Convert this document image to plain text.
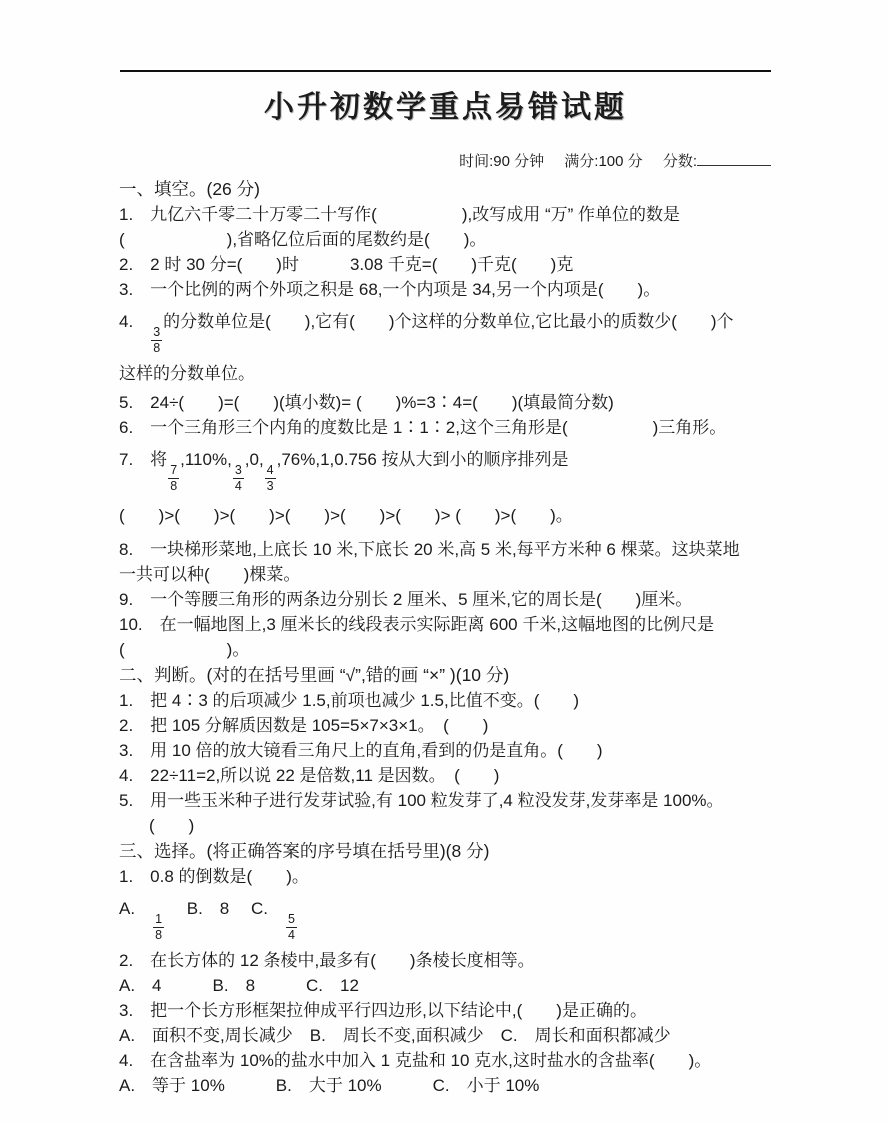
小升初数学重点易错试题
时间:90 分钟 满分:100 分 分数:
一、填空。(26 分)
1.　九亿六千零二十万零二十写作(　　　　　),改写成用 “万” 作单位的数是
(　　　　　　),省略亿位后面的尾数约是(　　)。
2.　2 时 30 分=(　　)时　　　3.08 千克=(　　)千克(　　)克
3.　一个比例的两个外项之积是 68,一个内项是 34,另一个内项是(　　)。
4.　
$\frac{3}{8}$
的分数单位是(　　),它有(　　)个这样的分数单位,它比最小的质数少(　　)个
这样的分数单位。
5.　24÷(　　)=(　　)(填小数)= (　　)%=3∶4=(　　)(填最简分数)
6.　一个三角形三个内角的度数比是 1∶1∶2,这个三角形是(　　　　　)三角形。
7.　将
$\frac{7}{8}$
,110%,
$\frac{3}{4}$
,0,
$\frac{4}{3}$
,76%,1,0.756 按从大到小的顺序排列是
(　　)>(　　)>(　　)>(　　)>(　　)>(　　)> (　　)>(　　)。
8.　一块梯形菜地,上底长 10 米,下底长 20 米,高 5 米,每平方米种 6 棵菜。这块菜地
一共可以种(　　)棵菜。
9.　一个等腰三角形的两条边分别长 2 厘米、5 厘米,它的周长是(　　)厘米。
10.　在一幅地图上,3 厘米长的线段表示实际距离 600 千米,这幅地图的比例尺是
(　　　　　　)。
二、判断。(对的在括号里画 “√”,错的画 “×” )(10 分)
1.　把 4∶3 的后项减少 1.5,前项也减少 1.5,比值不变。(　　)
2.　把 105 分解质因数是 105=5×7×3×1。　(　　)
3.　用 10 倍的放大镜看三角尺上的直角,看到的仍是直角。(　　)
4.　22÷11=2,所以说 22 是倍数,11 是因数。　(　　)
5.　用一些玉米种子进行发芽试验,有 100 粒发芽了,4 粒没发芽,发芽率是 100%。
(　　)
三、选择。(将正确答案的序号填在括号里)(8 分)
1.　0.8 的倒数是(　　)。
A.　
$\frac{1}{8}$
　 B.　8　 C.　
$\frac{5}{4}$
2.　在长方体的 12 条棱中,最多有(　　)条棱长度相等。
A.　4　　　B.　8　　　C.　12
3.　把一个长方形框架拉伸成平行四边形,以下结论中,(　　)是正确的。
A.　面积不变,周长减少　B.　周长不变,面积减少　C.　周长和面积都减少
4.　在含盐率为 10%的盐水中加入 1 克盐和 10 克水,这时盐水的含盐率(　　)。
A.　等于 10%　　　B.　大于 10%　　　C.　小于 10%
